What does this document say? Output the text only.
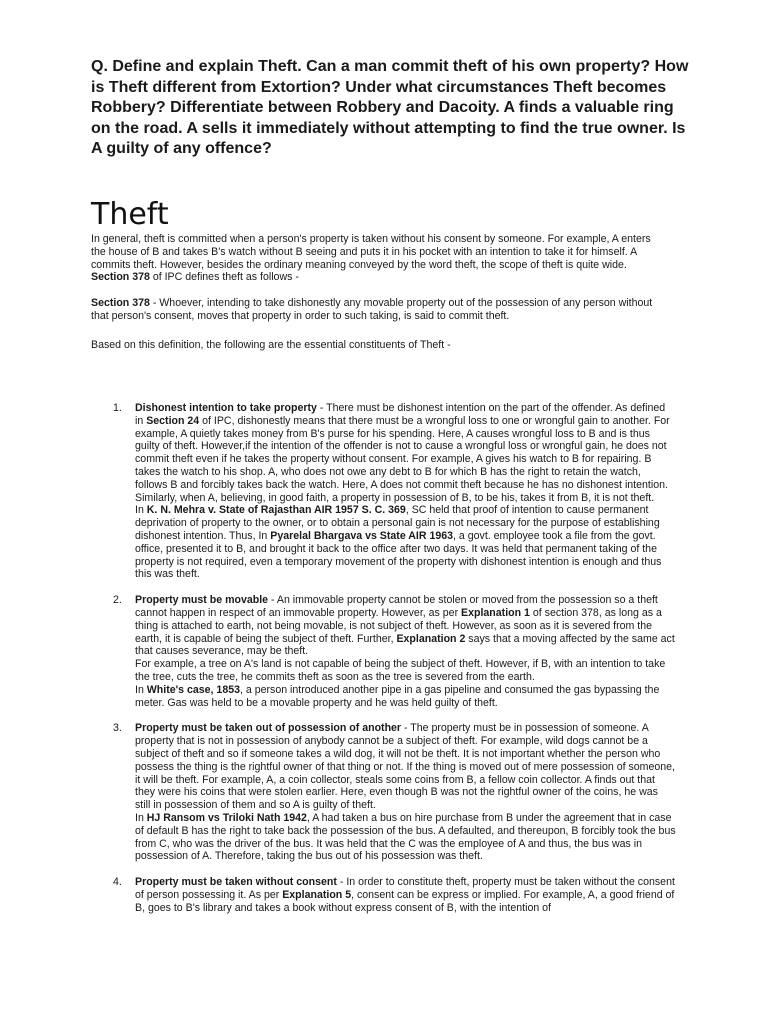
Q. Define and explain Theft. Can a man commit theft of his own property? How is Theft different from Extortion? Under what circumstances Theft becomes Robbery? Differentiate between Robbery and Dacoity. A finds a valuable ring on the road. A sells it immediately without attempting to find the true owner. Is A guilty of any offence?

Theft

In general, theft is committed when a person's property is taken without his consent by someone. For example, A enters the house of B and takes B's watch without B seeing and puts it in his pocket with an intention to take it for himself. A commits theft. However, besides the ordinary meaning conveyed by the word theft, the scope of theft is quite wide. Section 378 of IPC defines theft as follows -

Section 378 - Whoever, intending to take dishonestly any movable property out of the possession of any person without that person's consent, moves that property in order to such taking, is said to commit theft.

Based on this definition, the following are the essential constituents of Theft -

1. Dishonest intention to take property - There must be dishonest intention on the part of the offender. As defined in Section 24 of IPC, dishonestly means that there must be a wrongful loss to one or wrongful gain to another. For example, A quietly takes money from B's purse for his spending. Here, A causes wrongful loss to B and is thus guilty of theft. However,if the intention of the offender is not to cause a wrongful loss or wrongful gain, he does not commit theft even if he takes the property without consent. For example, A gives his watch to B for repairing. B takes the watch to his shop. A, who does not owe any debt to B for which B has the right to retain the watch, follows B and forcibly takes back the watch. Here, A does not commit theft because he has no dishonest intention. Similarly, when A, believing, in good faith, a property in possession of B, to be his, takes it from B, it is not theft.

In K. N. Mehra v. State of Rajasthan AIR 1957 S. C. 369, SC held that proof of intention to cause permanent deprivation of property to the owner, or to obtain a personal gain is not necessary for the purpose of establishing dishonest intention. Thus, In Pyarelal Bhargava vs State AIR 1963, a govt. employee took a file from the govt. office, presented it to B, and brought it back to the office after two days. It was held that permanent taking of the property is not required, even a temporary movement of the property with dishonest intention is enough and thus this was theft.

2. Property must be movable - An immovable property cannot be stolen or moved from the possession so a theft cannot happen in respect of an immovable property. However, as per Explanation 1 of section 378, as long as a thing is attached to earth, not being movable, is not subject of theft. However, as soon as it is severed from the earth, it is capable of being the subject of theft. Further, Explanation 2 says that a moving affected by the same act that causes severance, may be theft.

For example, a tree on A's land is not capable of being the subject of theft. However, if B, with an intention to take the tree, cuts the tree, he commits theft as soon as the tree is severed from the earth.

In White's case, 1853, a person introduced another pipe in a gas pipeline and consumed the gas bypassing the meter. Gas was held to be a movable property and he was held guilty of theft.

3. Property must be taken out of possession of another - The property must be in possession of someone. A property that is not in possession of anybody cannot be a subject of theft. For example, wild dogs cannot be a subject of theft and so if someone takes a wild dog, it will not be theft. It is not important whether the person who possess the thing is the rightful owner of that thing or not. If the thing is moved out of mere possession of someone, it will be theft. For example, A, a coin collector, steals some coins from B, a fellow coin collector. A finds out that they were his coins that were stolen earlier. Here, even though B was not the rightful owner of the coins, he was still in possession of them and so A is guilty of theft.

In HJ Ransom vs Triloki Nath 1942, A had taken a bus on hire purchase from B under the agreement that in case of default B has the right to take back the possession of the bus. A defaulted, and thereupon, B forcibly took the bus from C, who was the driver of the bus. It was held that the C was the employee of A and thus, the bus was in possession of A. Therefore, taking the bus out of his possession was theft.

4. Property must be taken without consent - In order to constitute theft, property must be taken without the consent of person possessing it. As per Explanation 5, consent can be express or implied. For example, A, a good friend of B, goes to B's library and takes a book without express consent of B, with the intention of
